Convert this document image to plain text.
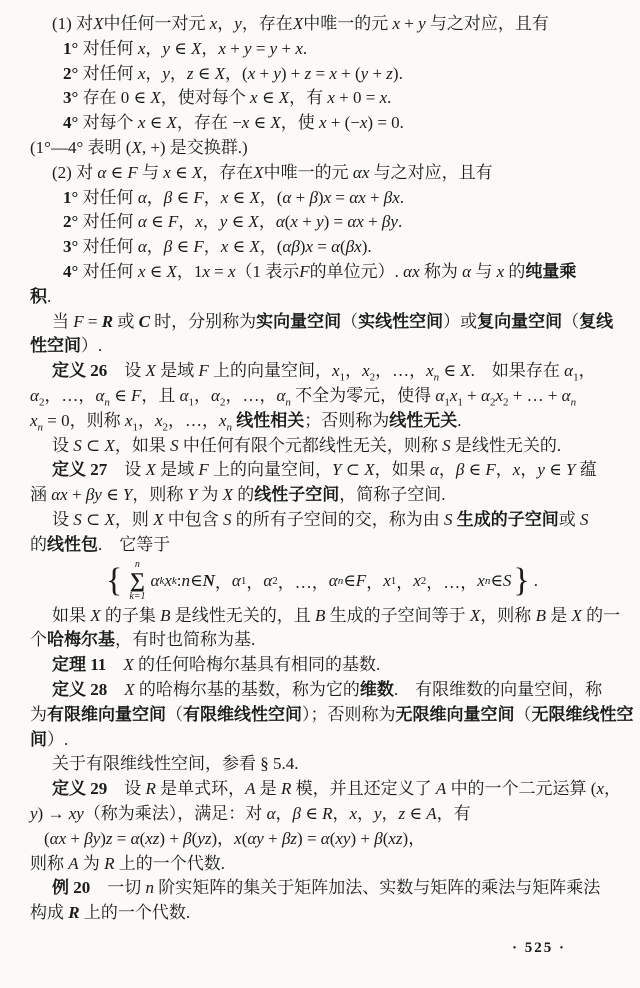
(1) 对X中任何一对元 x，y，存在X中唯一的元 x + y 与之对应，且有
1° 对任何 x，y ∈ X，x + y = y + x.
2° 对任何 x，y，z ∈ X，(x + y) + z = x + (y + z).
3° 存在 0 ∈ X，使对每个 x ∈ X，有 x + 0 = x.
4° 对每个 x ∈ X，存在 −x ∈ X，使 x + (−x) = 0.
(1°—4° 表明 (X, +) 是交换群.)
(2) 对 α ∈ F 与 x ∈ X，存在X中唯一的元 αx 与之对应，且有
1° 对任何 α，β ∈ F，x ∈ X，(α + β)x = αx + βx.
2° 对任何 α ∈ F，x，y ∈ X，α(x + y) = αx + βy.
3° 对任何 α，β ∈ F，x ∈ X，(αβ)x = α(βx).
4° 对任何 x ∈ X，1x = x（1 表示F的单位元）. αx 称为 α 与 x 的纯量乘
积.
当 F = R 或 C 时，分别称为实向量空间（实线性空间）或复向量空间（复线
性空间）.
定义 26　设 X 是域 F 上的向量空间，$x_1$，$x_2$，…，$x_n$ ∈ X.　如果存在 $\alpha_1$，
$\alpha_2$，…，$\alpha_n$ ∈ F，且 $\alpha_1$，$\alpha_2$，…，$\alpha_n$ 不全为零元，使得 $\alpha_1x_1 + \alpha_2x_2$ + … + $\alpha_n$
$x_n = 0$，则称 $x_1$，$x_2$，…，$x_n$ 线性相关；否则称为线性无关.
设 S ⊂ X，如果 S 中任何有限个元都线性无关，则称 S 是线性无关的.
定义 27　设 X 是域 F 上的向量空间，Y ⊂ X，如果 α，β ∈ F，x，y ∈ Y 蕴
涵 αx + βy ∈ Y，则称 Y 为 X 的线性子空间，简称子空间.
设 S ⊂ X，则 X 中包含 S 的所有子空间的交，称为由 S 生成的子空间或 S
的线性包.　它等于
{ n
∑
k=1
α k x k : n ∈ N ， α 1 ， α 2 ，…， α n ∈ F ， x 1 ， x 2 ，…， x n ∈ S } .
如果 X 的子集 B 是线性无关的，且 B 生成的子空间等于 X，则称 B 是 X 的一
个哈梅尔基，有时也简称为基.
定理 11　 X 的任何哈梅尔基具有相同的基数.
定义 28　 X 的哈梅尔基的基数，称为它的维数.　有限维数的向量空间，称
为有限维向量空间（有限维线性空间）；否则称为无限维向量空间（无限维线性空
间）.
关于有限维线性空间，参看 § 5.4.
定义 29　设 R 是单式环，A 是 R 模，并且还定义了 A 中的一个二元运算 (x，
y) → xy（称为乘法），满足：对 α，β ∈ R，x，y，z ∈ A，有
(αx + βy)z = α(xz) + β(yz)，x(αy + βz) = α(xy) + β(xz)，
则称 A 为 R 上的一个代数.
例 20　一切 n 阶实矩阵的集关于矩阵加法、实数与矩阵的乘法与矩阵乘法
构成 R 上的一个代数.
· 525 ·
